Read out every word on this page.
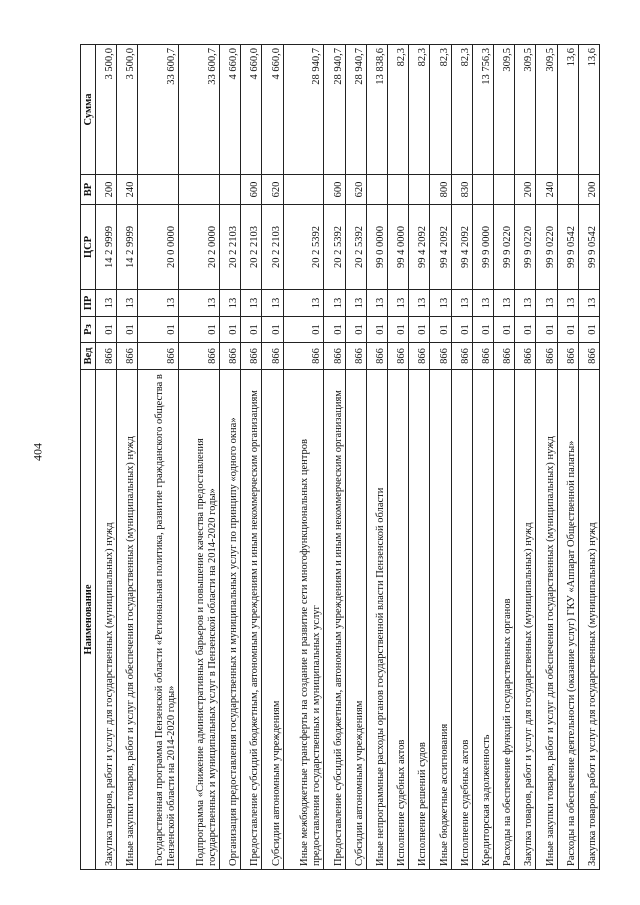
404
Наименование	Вед	Рз	ПР	ЦСР	ВР	Сумма
Закупка товаров, работ и услуг для государственных (муниципальных) нужд	866	01	13	14 2 9999	200	3 500,0
Иные закупки товаров, работ и услуг для обеспечения государственных (муниципальных) нужд	866	01	13	14 2 9999	240	3 500,0
Государственная программа Пензенской области «Региональная политика, развитие гражданского общества в Пензенской области на 2014-2020 годы»	866	01	13	20 0 0000		33 600,7
Подпрограмма «Снижение административных барьеров и повышение качества предоставления государственных и муниципальных услуг в Пензенской области на 2014-2020 годы»	866	01	13	20 2 0000		33 600,7
Организация предоставления государственных и муниципальных услуг по принципу «одного окна»	866	01	13	20 2 2103		4 660,0
Предоставление субсидий бюджетным, автономным учреждениям и иным некоммерческим организациям	866	01	13	20 2 2103	600	4 660,0
Субсидии автономным учреждениям	866	01	13	20 2 2103	620	4 660,0
Иные межбюджетные трансферты на создание и развитие сети многофункциональных центров предоставления государственных и муниципальных услуг	866	01	13	20 2 5392		28 940,7
Предоставление субсидий бюджетным, автономным учреждениям и иным некоммерческим организациям	866	01	13	20 2 5392	600	28 940,7
Субсидии автономным учреждениям	866	01	13	20 2 5392	620	28 940,7
Иные непрограммные расходы органов государственной власти Пензенской области	866	01	13	99 0 0000		13 838,6
Исполнение судебных актов	866	01	13	99 4 0000		82,3
Исполнение решений судов	866	01	13	99 4 2092		82,3
Иные бюджетные ассигнования	866	01	13	99 4 2092	800	82,3
Исполнение судебных актов	866	01	13	99 4 2092	830	82,3
Кредиторская задолженность	866	01	13	99 9 0000		13 756,3
Расходы на обеспечение функций государственных органов	866	01	13	99 9 0220		309,5
Закупка товаров, работ и услуг для государственных (муниципальных) нужд	866	01	13	99 9 0220	200	309,5
Иные закупки товаров, работ и услуг для обеспечения государственных (муниципальных) нужд	866	01	13	99 9 0220	240	309,5
Расходы на обеспечение деятельности (оказание услуг) ГКУ «Аппарат Общественной палаты»	866	01	13	99 9 0542		13,6
Закупка товаров, работ и услуг для государственных (муниципальных) нужд	866	01	13	99 9 0542	200	13,6
